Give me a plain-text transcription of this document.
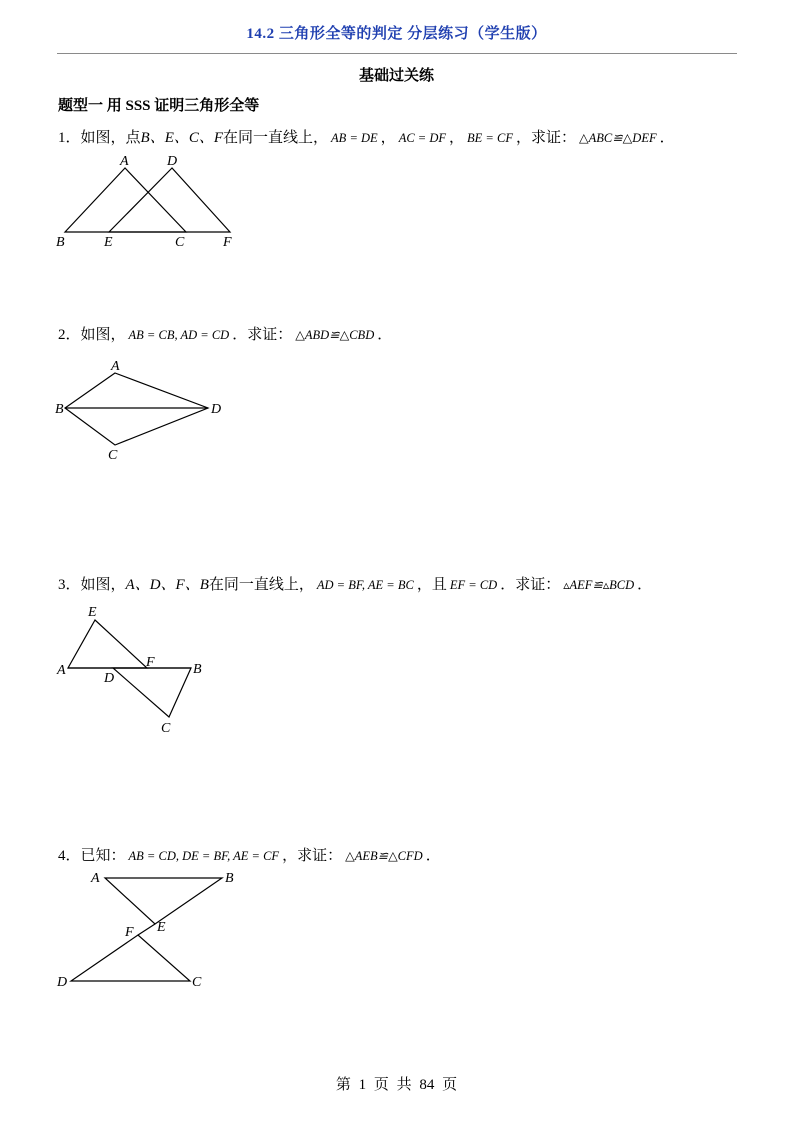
14.2 三角形全等的判定 分层练习（学生版）
基础过关练
题型一 用 SSS 证明三角形全等
1．如图，点B、E、C、F在同一直线上， AB = DE ， AC = DF ， BE = CF ，求证： △ABC≌△DEF ．
A	D
B	E	C	F
2．如图， AB = CB, AD = CD ．求证： △ABD≌△CBD ．
A
B	D
C
3．如图，A、D、F、B在同一直线上， AD = BF, AE = BC ，且 EF = CD ．求证： ▵AEF≌▵BCD ．
E
A
F	B
D
C
4．已知： AB = CD, DE = BF, AE = CF ，求证： △AEB≌△CFD ．
A	B
F E
D	C
第 1 页 共 84 页
